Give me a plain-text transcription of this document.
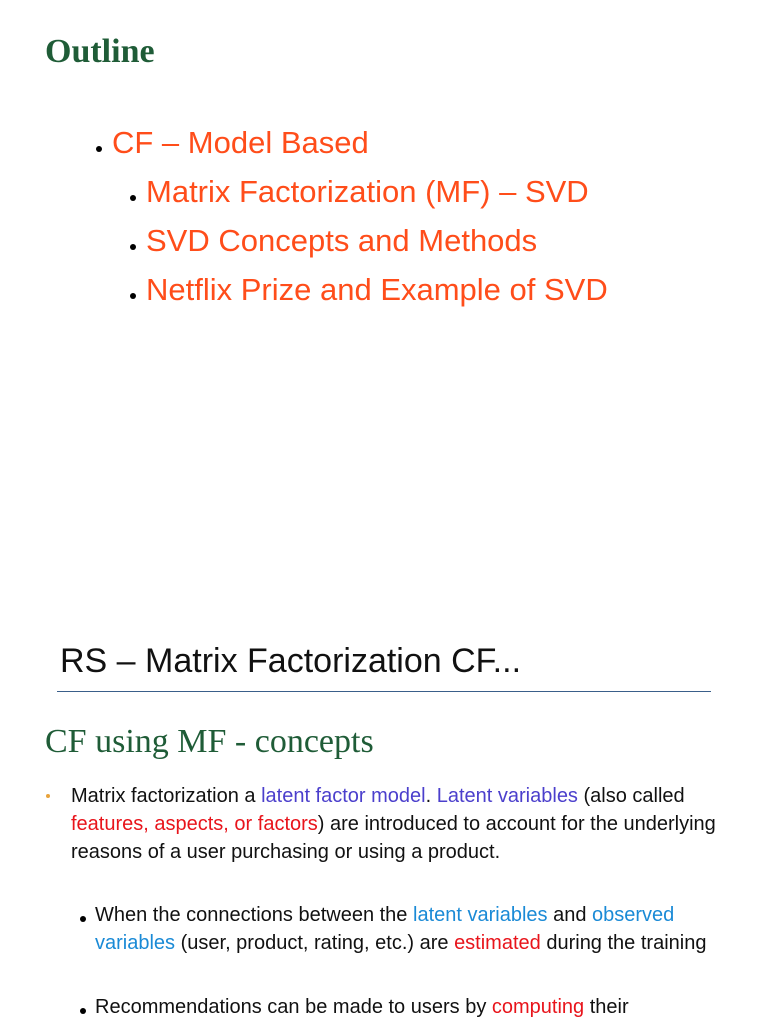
Outline
CF – Model Based
Matrix Factorization (MF) – SVD
SVD Concepts and Methods
Netflix Prize and Example of SVD
RS – Matrix Factorization CF...
CF using MF - concepts

Matrix factorization a latent factor model. Latent variables (also called features, aspects, or factors) are introduced to account for the underlying reasons of a user purchasing or using a product.

When the connections between the latent variables and observed variables (user, product, rating, etc.) are estimated during the training

Recommendations can be made to users by computing their
